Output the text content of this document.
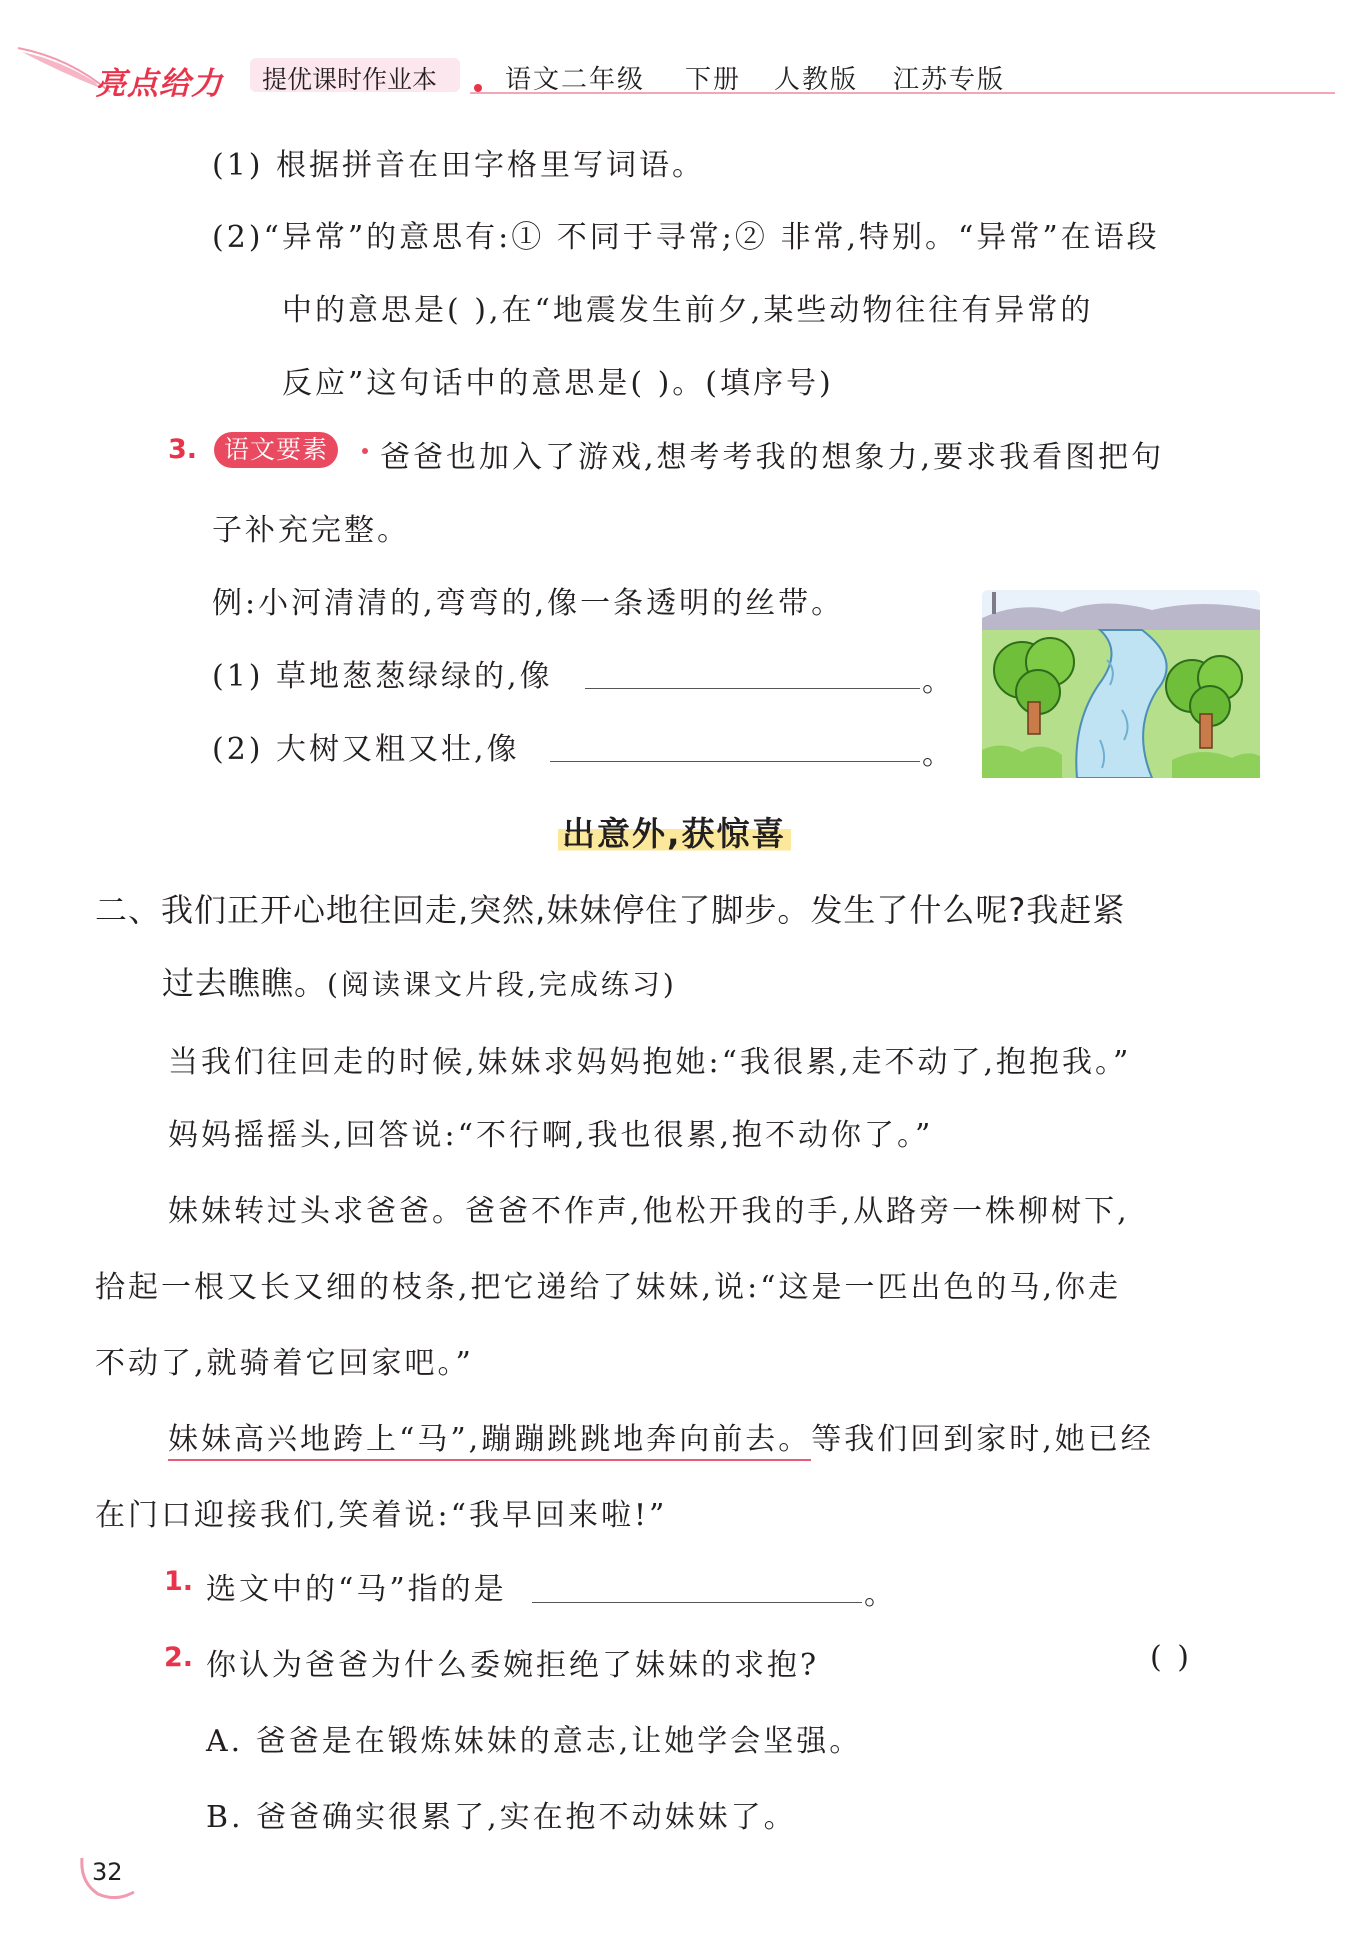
亮点给力 提优课时作业本	语文二年级 下册 人教版 江苏专版
(1) 根据拼音在田字格里写词语。
(2)“异常”的意思有:① 不同于寻常;② 非常,特别。“异常”在语段
中的意思是( ),在“地震发生前夕,某些动物往往有异常的
反应”这句话中的意思是( )。(填序号)
3.	语文要素	爸爸也加入了游戏,想考考我的想象力,要求我看图把句
子补充完整。
例:小河清清的,弯弯的,像一条透明的丝带。
(1) 草地葱葱绿绿的,像	。
(2) 大树又粗又壮,像	。
出意外,获惊喜
二、我们正开心地往回走,突然,妹妹停住了脚步。发生了什么呢?我赶紧
过去瞧瞧。(阅读课文片段,完成练习)
当我们往回走的时候,妹妹求妈妈抱她:“我很累,走不动了,抱抱我。”
妈妈摇摇头,回答说:“不行啊,我也很累,抱不动你了。”
妹妹转过头求爸爸。爸爸不作声,他松开我的手,从路旁一株柳树下,
拾起一根又长又细的枝条,把它递给了妹妹,说:“这是一匹出色的马,你走
不动了,就骑着它回家吧。”
妹妹高兴地跨上“马”,蹦蹦跳跳地奔向前去。等我们回到家时,她已经
在门口迎接我们,笑着说:“我早回来啦!”
1. 选文中的“马”指的是	。
2. 你认为爸爸为什么委婉拒绝了妹妹的求抱?	( )
A. 爸爸是在锻炼妹妹的意志,让她学会坚强。
B. 爸爸确实很累了,实在抱不动妹妹了。
32
